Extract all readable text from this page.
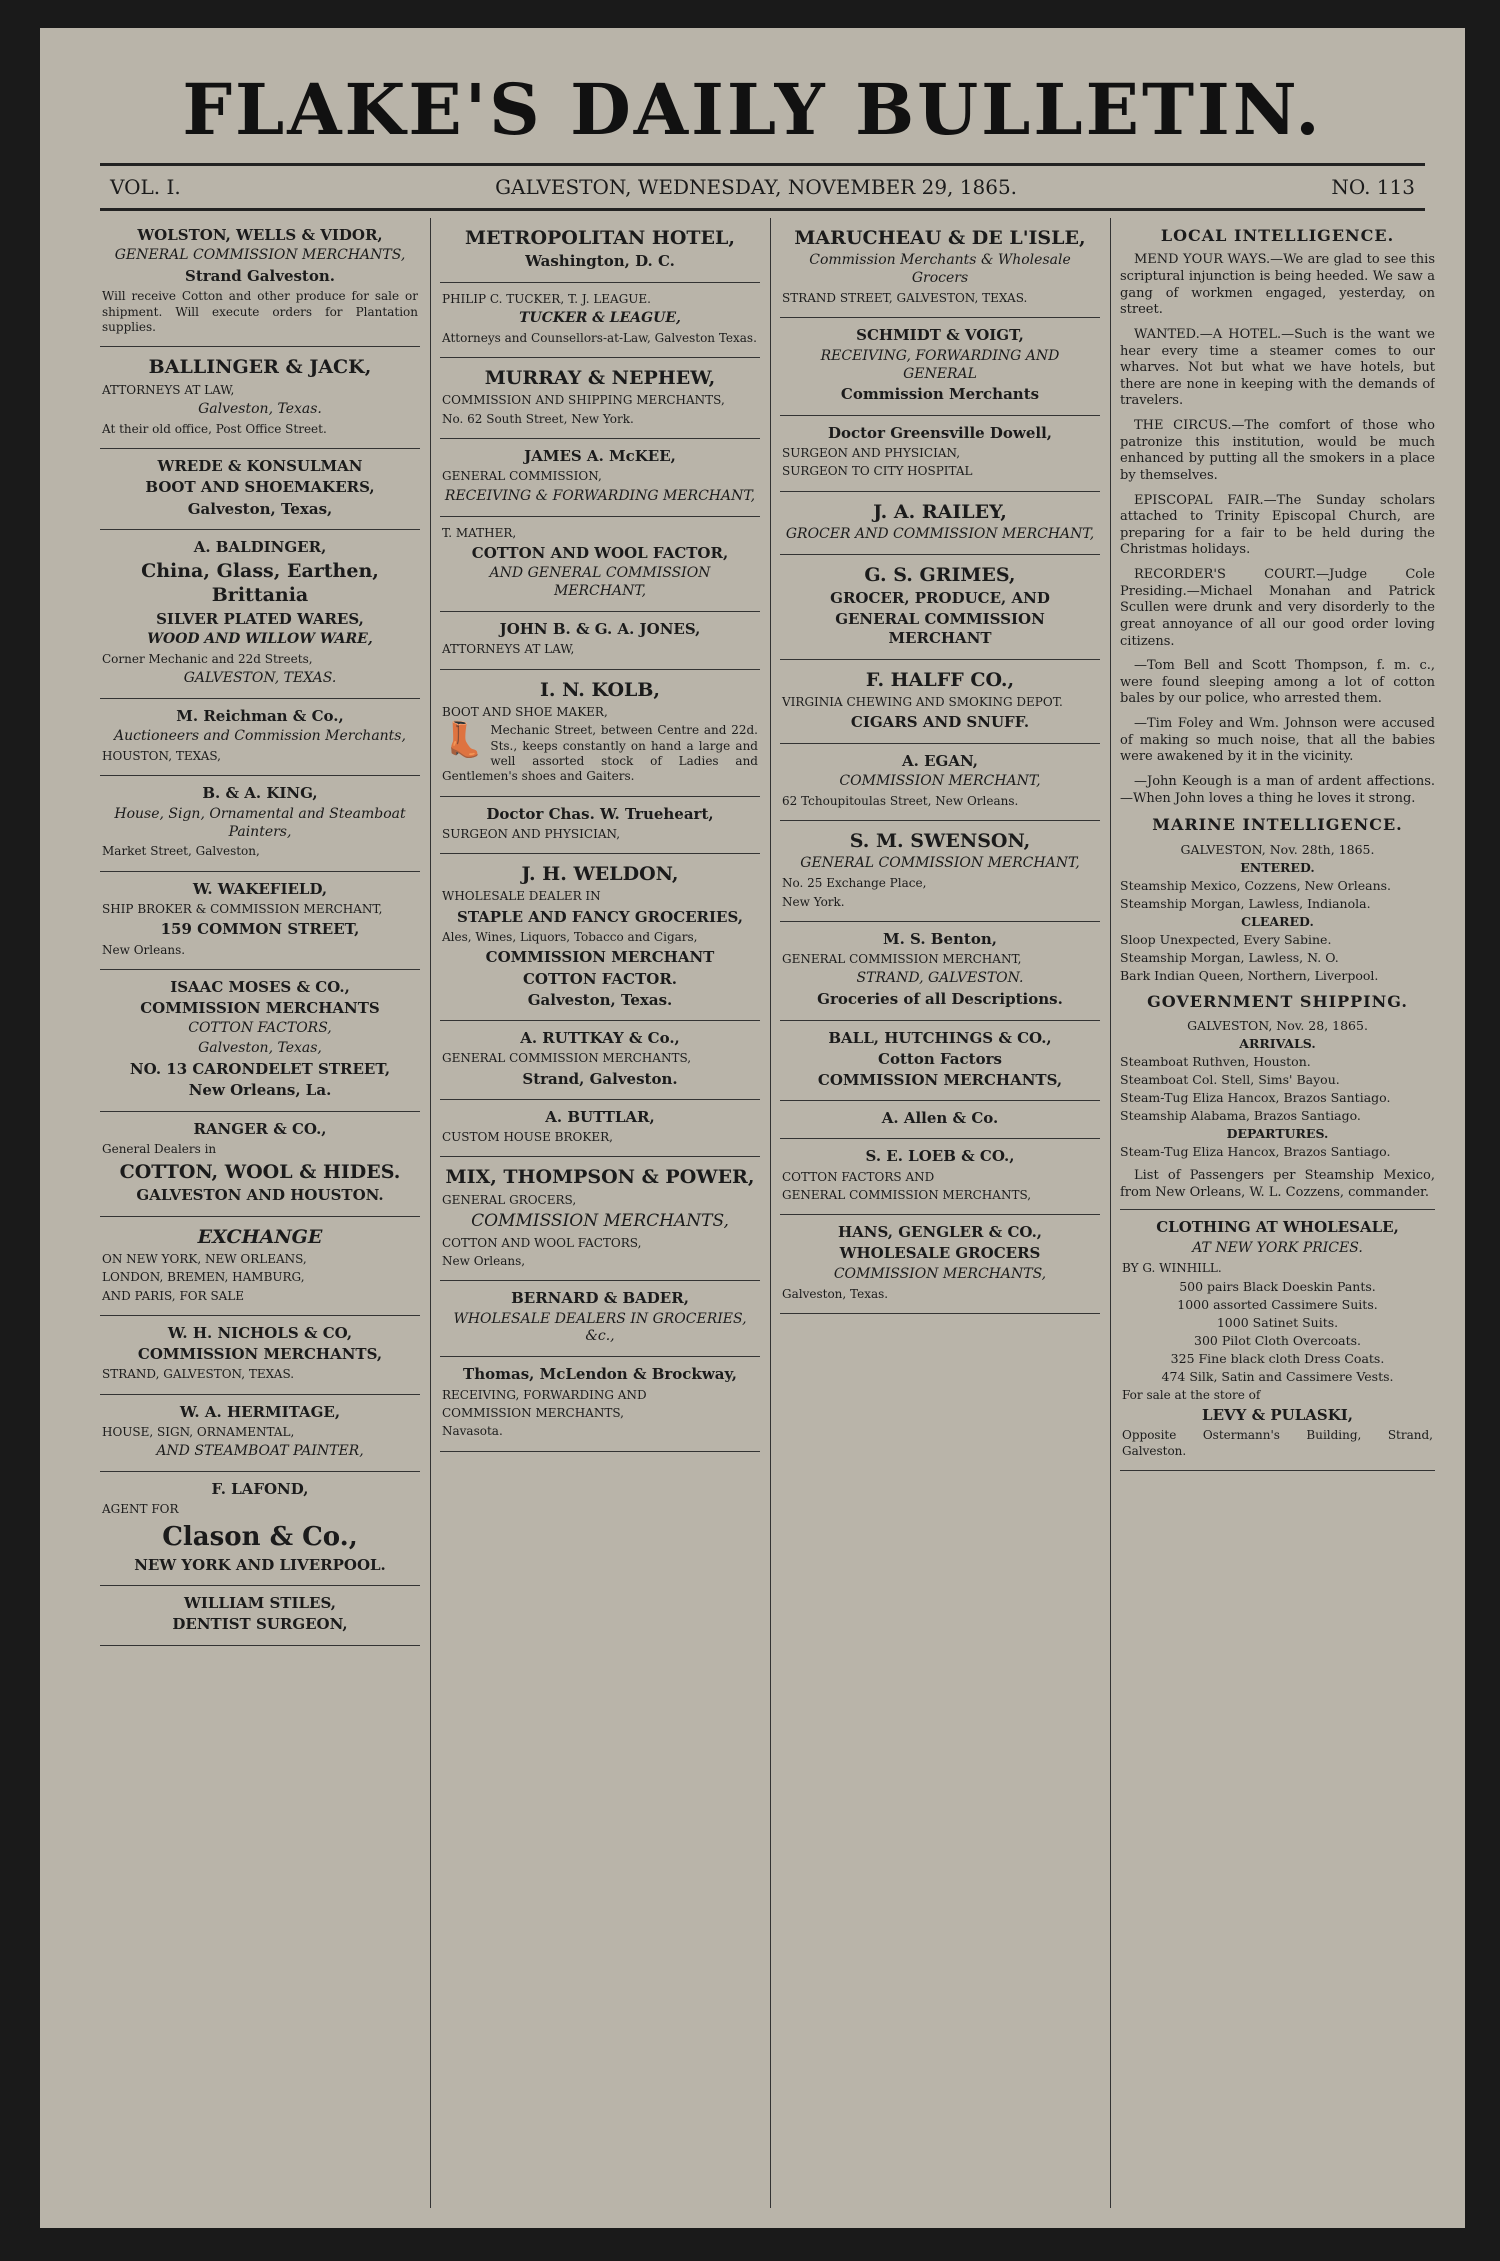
FLAKE'S DAILY BULLETIN.
VOL. I.	GALVESTON, WEDNESDAY, NOVEMBER 29, 1865.	NO. 113
WOLSTON, WELLS & VIDOR,
GENERAL COMMISSION MERCHANTS,
Strand Galveston.
Will receive Cotton and other produce for sale or shipment. Will execute orders for Plantation supplies.
BALLINGER & JACK,
ATTORNEYS AT LAW,
Galveston, Texas.
At their old office, Post Office Street.
WREDE & KONSULMAN
BOOT AND SHOEMAKERS,
Galveston, Texas,
A. BALDINGER,
China, Glass, Earthen, Brittania
SILVER PLATED WARES,
WOOD AND WILLOW WARE,
Corner Mechanic and 22d Streets,
GALVESTON, TEXAS.
M. Reichman & Co.,
Auctioneers and Commission Merchants,
HOUSTON, TEXAS,
B. & A. KING,
House, Sign, Ornamental and Steamboat Painters,
Market Street, Galveston,
W. WAKEFIELD,
SHIP BROKER & COMMISSION MERCHANT,
159 COMMON STREET,
New Orleans.
ISAAC MOSES & CO.,
COMMISSION MERCHANTS
COTTON FACTORS,
Galveston, Texas,
NO. 13 CARONDELET STREET,
New Orleans, La.
RANGER & CO.,
General Dealers in
COTTON, WOOL & HIDES.
GALVESTON AND HOUSTON.
EXCHANGE
ON NEW YORK, NEW ORLEANS,
LONDON, BREMEN, HAMBURG,
AND PARIS, FOR SALE
W. H. NICHOLS & CO,
COMMISSION MERCHANTS,
STRAND, GALVESTON, TEXAS.
W. A. HERMITAGE,
HOUSE, SIGN, ORNAMENTAL,
AND STEAMBOAT PAINTER,
F. LAFOND,
AGENT FOR
Clason & Co.,
NEW YORK AND LIVERPOOL.
WILLIAM STILES,
DENTIST SURGEON,
METROPOLITAN HOTEL,
Washington, D. C.
PHILIP C. TUCKER, T. J. LEAGUE.
TUCKER & LEAGUE,
Attorneys and Counsellors-at-Law, Galveston Texas.
MURRAY & NEPHEW,
COMMISSION AND SHIPPING MERCHANTS,
No. 62 South Street, New York.
JAMES A. McKEE,
GENERAL COMMISSION,
RECEIVING & FORWARDING MERCHANT,
T. MATHER,
COTTON AND WOOL FACTOR,
AND GENERAL COMMISSION MERCHANT,
JOHN B. & G. A. JONES,
ATTORNEYS AT LAW,
I. N. KOLB,
BOOT AND SHOE MAKER,
👢 Mechanic Street, between Centre and 22d. Sts., keeps constantly on hand a large and well assorted stock of Ladies and Gentlemen's shoes and Gaiters.
Doctor Chas. W. Trueheart,
SURGEON AND PHYSICIAN,
J. H. WELDON,
WHOLESALE DEALER IN
STAPLE AND FANCY GROCERIES,
Ales, Wines, Liquors, Tobacco and Cigars,
COMMISSION MERCHANT
COTTON FACTOR.
Galveston, Texas.
A. RUTTKAY & Co.,
GENERAL COMMISSION MERCHANTS,
Strand, Galveston.
A. BUTTLAR,
CUSTOM HOUSE BROKER,
MIX, THOMPSON & POWER,
GENERAL GROCERS,
COMMISSION MERCHANTS,
COTTON AND WOOL FACTORS,
New Orleans,
BERNARD & BADER,
WHOLESALE DEALERS IN GROCERIES, &c.,
Thomas, McLendon & Brockway,
RECEIVING, FORWARDING AND
COMMISSION MERCHANTS,
Navasota.
MARUCHEAU & DE L'ISLE,
Commission Merchants & Wholesale Grocers
STRAND STREET, GALVESTON, TEXAS.
SCHMIDT & VOIGT,
RECEIVING, FORWARDING AND GENERAL
Commission Merchants
Doctor Greensville Dowell,
SURGEON AND PHYSICIAN,
SURGEON TO CITY HOSPITAL
J. A. RAILEY,
GROCER AND COMMISSION MERCHANT,
G. S. GRIMES,
GROCER, PRODUCE, AND
GENERAL COMMISSION MERCHANT
F. HALFF CO.,
VIRGINIA CHEWING AND SMOKING DEPOT.
CIGARS AND SNUFF.
A. EGAN,
COMMISSION MERCHANT,
62 Tchoupitoulas Street, New Orleans.
S. M. SWENSON,
GENERAL COMMISSION MERCHANT,
No. 25 Exchange Place,
New York.
M. S. Benton,
GENERAL COMMISSION MERCHANT,
STRAND, GALVESTON.
Groceries of all Descriptions.
BALL, HUTCHINGS & CO.,
Cotton Factors
COMMISSION MERCHANTS,
A. Allen & Co.
S. E. LOEB & CO.,
COTTON FACTORS AND
GENERAL COMMISSION MERCHANTS,
HANS, GENGLER & CO.,
WHOLESALE GROCERS
COMMISSION MERCHANTS,
Galveston, Texas.
LOCAL INTELLIGENCE.

MEND YOUR WAYS.—We are glad to see this scriptural injunction is being heeded. We saw a gang of workmen engaged, yesterday, on street.

WANTED.—A HOTEL.—Such is the want we hear every time a steamer comes to our wharves. Not but what we have hotels, but there are none in keeping with the demands of travelers.

THE CIRCUS.—The comfort of those who patronize this institution, would be much enhanced by putting all the smokers in a place by themselves.

EPISCOPAL FAIR.—The Sunday scholars attached to Trinity Episcopal Church, are preparing for a fair to be held during the Christmas holidays.

RECORDER'S COURT.—Judge Cole Presiding.—Michael Monahan and Patrick Scullen were drunk and very disorderly to the great annoyance of all our good order loving citizens.

—Tom Bell and Scott Thompson, f. m. c., were found sleeping among a lot of cotton bales by our police, who arrested them.

—Tim Foley and Wm. Johnson were accused of making so much noise, that all the babies were awakened by it in the vicinity.

—John Keough is a man of ardent affections.—When John loves a thing he loves it strong.

MARINE INTELLIGENCE.
GALVESTON, Nov. 28th, 1865.
ENTERED.
Steamship Mexico, Cozzens, New Orleans.
Steamship Morgan, Lawless, Indianola.
CLEARED.
Sloop Unexpected, Every Sabine.
Steamship Morgan, Lawless, N. O.
Bark Indian Queen, Northern, Liverpool.
GOVERNMENT SHIPPING.
GALVESTON, Nov. 28, 1865.
ARRIVALS.
Steamboat Ruthven, Houston.
Steamboat Col. Stell, Sims' Bayou.
Steam-Tug Eliza Hancox, Brazos Santiago.
Steamship Alabama, Brazos Santiago.
DEPARTURES.
Steam-Tug Eliza Hancox, Brazos Santiago.

List of Passengers per Steamship Mexico, from New Orleans, W. L. Cozzens, commander.

CLOTHING AT WHOLESALE,
AT NEW YORK PRICES.
BY G. WINHILL.
500 pairs Black Doeskin Pants.
1000 assorted Cassimere Suits.
1000 Satinet Suits.
300 Pilot Cloth Overcoats.
325 Fine black cloth Dress Coats.
474 Silk, Satin and Cassimere Vests.
For sale at the store of
LEVY & PULASKI,
Opposite Ostermann's Building, Strand, Galveston.
